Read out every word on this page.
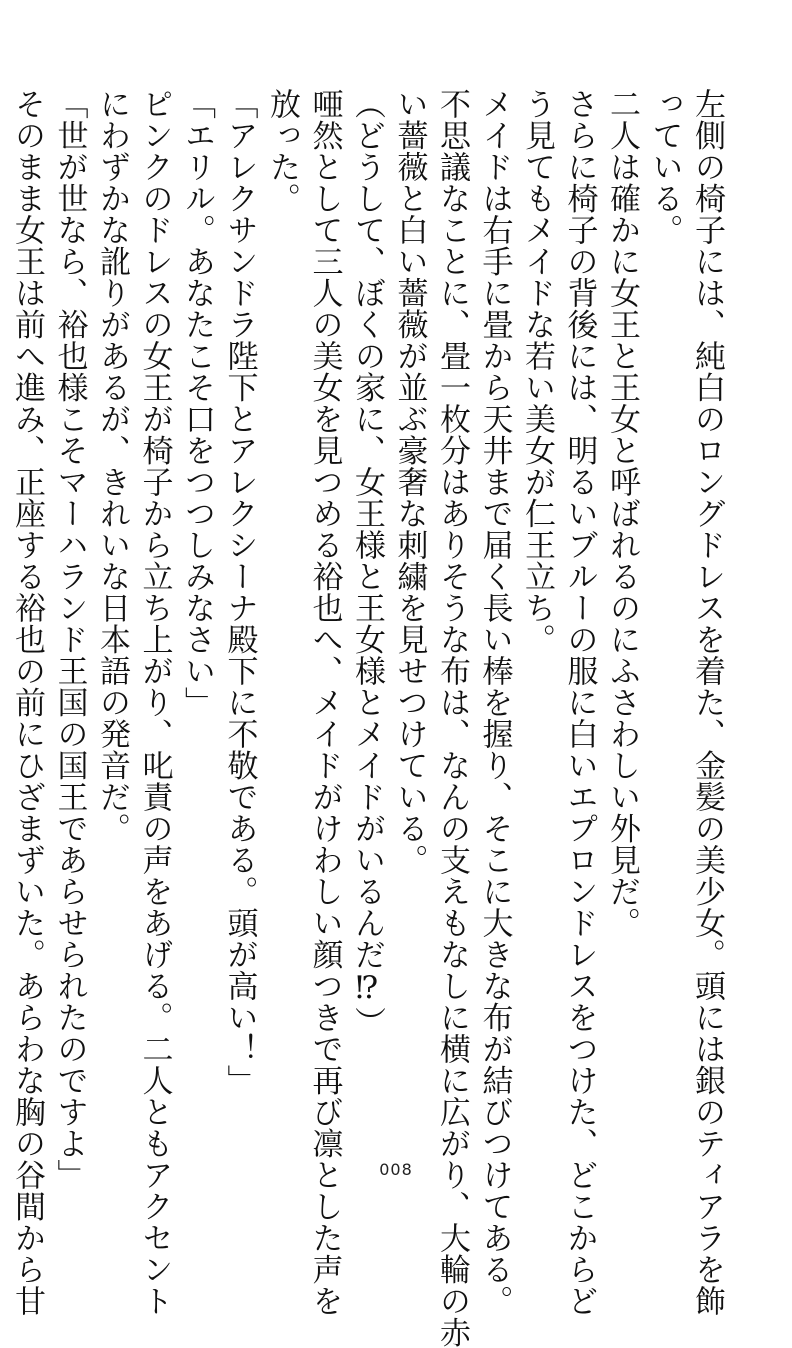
左側の椅子には、純白のロングドレスを着た、金髪の美少女。頭には銀のティアラを飾
っている。
二人は確かに女王と王女と呼ばれるのにふさわしい外見だ。
さらに椅子の背後には、明るいブルーの服に白いエプロンドレスをつけた、どこからど
う見てもメイドな若い美女が仁王立ち。
メイドは右手に畳から天井まで届く長い棒を握り、そこに大きな布が結びつけてある。
不思議なことに、畳一枚分はありそうな布は、なんの支えもなしに横に広がり、大輪の赤
い薔薇と白い薔薇が並ぶ豪奢な刺繍を見せつけている。
（どうして、ぼくの家に、女王様と王女様とメイドがいるんだ⁉）
唖然として三人の美女を見つめる裕也へ、メイドがけわしい顔つきで再び凛とした声を
放った。
「アレクサンドラ陛下とアレクシーナ殿下に不敬である。頭が高い！」
「エリル。あなたこそ口をつつしみなさい」
ピンクのドレスの女王が椅子から立ち上がり、叱責の声をあげる。二人ともアクセント
にわずかな訛りがあるが、きれいな日本語の発音だ。
「世が世なら、裕也様こそマーハランド王国の国王であらせられたのですよ」
そのまま女王は前へ進み、正座する裕也の前にひざまずいた。あらわな胸の谷間から甘	008
